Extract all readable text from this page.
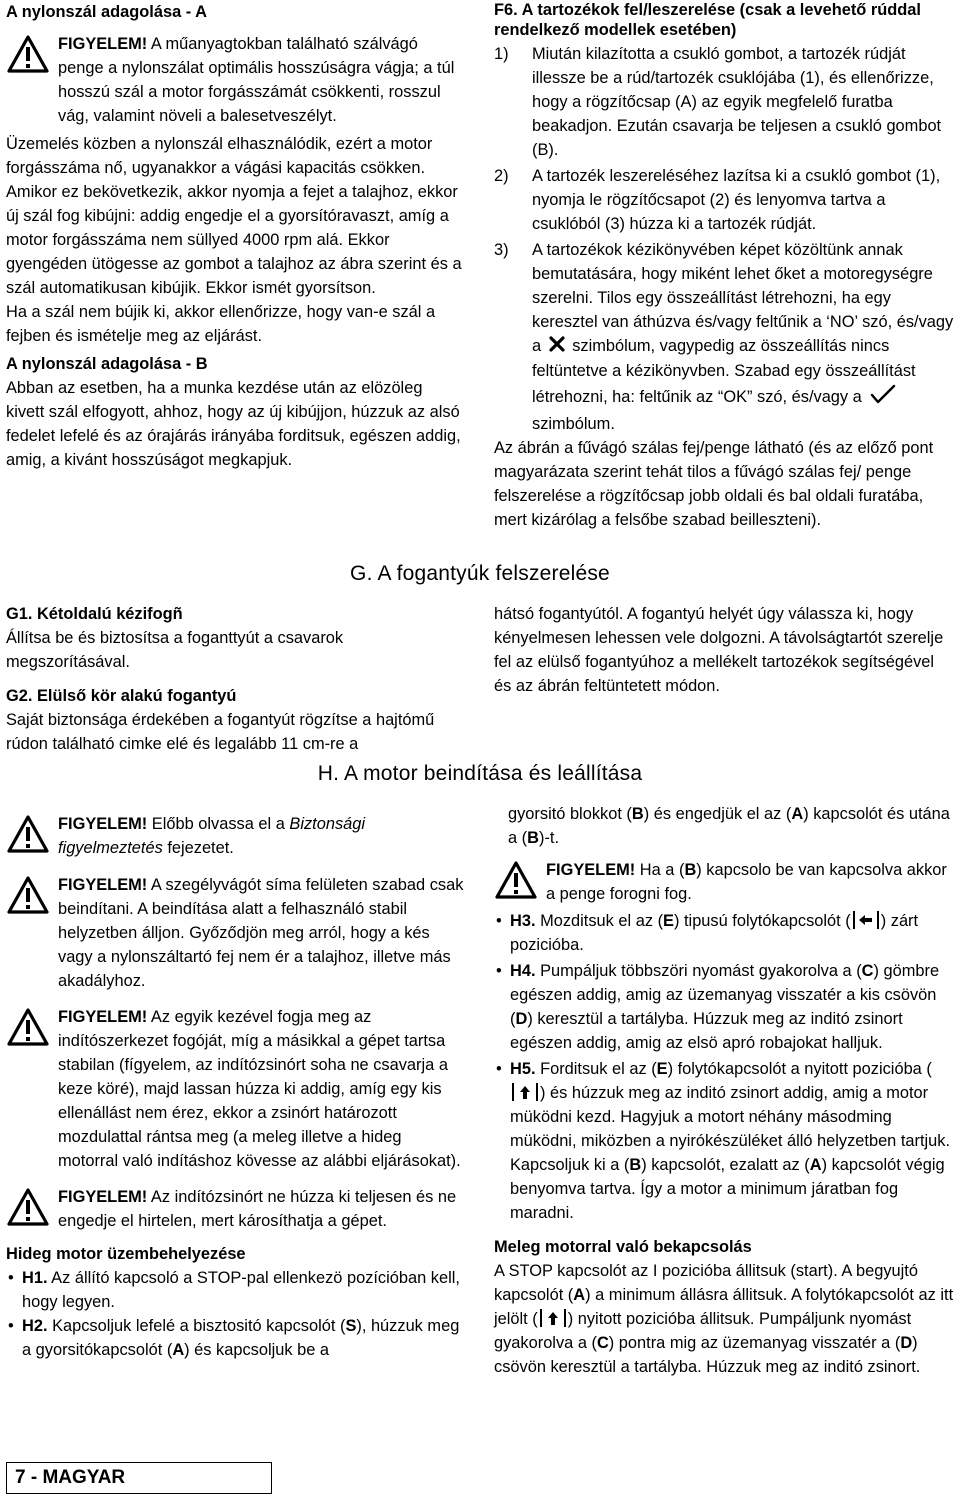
A nylonszál adagolása - A

FIGYELEM! A műanyagtokban található szálvágó penge a nylonszálat optimális hosszúságra vágja; a túl hosszú szál a motor forgásszámát csökkenti, rosszul vág, valamint növeli a balesetveszélyt.

Üzemelés közben a nylonszál elhasználódik, ezért a motor forgásszáma nő, ugyanakkor a vágási kapacitás csökken. Amikor ez bekövetkezik, akkor nyomja a fejet a talajhoz, ekkor új szál fog kibújni: addig engedje el a gyorsítóravaszt, amíg a motor forgásszáma nem süllyed 4000 rpm alá. Ekkor gyengéden ütögesse az gombot a talajhoz az ábra szerint és a szál automatikusan kibújik. Ekkor ismét gyorsítson.

Ha a szál nem bújik ki, akkor ellenőrizze, hogy van-e szál a fejben és ismételje meg az eljárást.

A nylonszál adagolása - B

Abban az esetben, ha a munka kezdése után az elözöleg kivett szál elfogyott, ahhoz, hogy az új kibújjon, húzzuk az alsó fedelet lefelé és az órajárás irányába forditsuk, egészen addig, amig, a kivánt hosszúságot megkapjuk.

F6. A tartozékok fel/leszerelése (csak a levehető rúddal rendelkező modellek esetében)
1) Miután kilazította a csukló gombot, a tartozék rúdját illessze be a rúd/tartozék csuklójába (1), és ellenőrizze, hogy a rögzítőcsap (A) az egyik megfelelő furatba beakadjon. Ezután csavarja be teljesen a csukló gombot (B).
2) A tartozék leszereléséhez lazítsa ki a csukló gombot (1), nyomja le rögzítőcsapot (2) és lenyomva tartva a csuklóból (3) húzza ki a tartozék rúdját.
3) A tartozékok kézikönyvében képet közöltünk annak bemutatására, hogy miként lehet őket a motoregységre szerelni. Tilos egy összeállítást létrehozni, ha egy keresztel van áthúzva és/vagy feltűnik a ‘NO’ szó, és/vagy a  szimbólum, vagypedig az összeállítás nincs feltüntetve a kézikönyvben. Szabad egy összeállítást létrehozni, ha: feltűnik az “OK” szó, és/vagy a  szimbólum.

Az ábrán a fűvágó szálas fej/penge látható (és az előző pont magyarázata szerint tehát tilos a fűvágó szálas fej/ penge felszerelése a rögzítőcsap jobb oldali és bal oldali furatába, mert kizárólag a felsőbe szabad beilleszteni).

G. A fogantyúk felszerelése
G1. Kétoldalú kézifogñ

Állítsa be és biztosítsa a foganttyút a csavarok megszorításával.

G2. Elülső kör alakú fogantyú

Saját biztonsága érdekében a fogantyút rögzítse a hajtómű rúdon található cimke elé és legalább 11 cm-re a

hátsó fogantyútól. A fogantyú helyét úgy válassza ki, hogy kényelmesen lehessen vele dolgozni. A távolságtartót szerelje fel az elülső fogantyúhoz a mellékelt tartozékok segítségével és az ábrán feltüntetett módon.

H. A motor beindítása és leállítása

FIGYELEM! Előbb olvassa el a Biztonsági figyelmeztetés fejezetet.

FIGYELEM! A szegélyvágót síma felületen szabad csak beindítani. A beindítása alatt a felhasználó stabil helyzetben álljon. Győződjön meg arról, hogy a kés vagy a nylonszáltartó fej nem ér a talajhoz, illetve más akadályhoz.

FIGYELEM! Az egyik kezével fogja meg az indítószerkezet fogóját, míg a másikkal a gépet tartsa stabilan (fígyelem, az indítózsinórt soha ne csavarja a keze köré), majd lassan húzza ki addig, amíg egy kis ellenállást nem érez, ekkor a zsinórt határozott mozdulattal rántsa meg (a meleg illetve a hideg motorral való indításhoz kövesse az alábbi eljárásokat).

FIGYELEM! Az indítózsinórt ne húzza ki teljesen és ne engedje el hirtelen, mert károsíthatja a gépet.

Hideg motor üzembehelyezése
• H1. Az állító kapcsoló a STOP-pal ellenkezö pozícióban kell, hogy legyen.
• H2. Kapcsoljuk lefelé a bisztositó kapcsolót (S), húzzuk meg a gyorsitókapcsolót (A) és kapcsoljuk be a

gyorsitó blokkot (B) és engedjük el az (A) kapcsolót és utána a (B)-t.

FIGYELEM! Ha a (B) kapcsolo be van kapcsolva akkor a penge forogni fog.

• H3. Mozditsuk el az (E) tipusú folytókapcsolót ( ) zárt pozicióba.
• H4. Pumpáljuk többszöri nyomást gyakorolva a (C) gömbre egészen addig, amig az üzemanyag visszatér a kis csövön (D) keresztül a tartályba. Húzzuk meg az inditó zsinort egészen addig, amig az elsö apró robajokat halljuk.
• H5. Forditsuk el az (E) folytókapcsolót a nyitott pozicióba (
) és húzzuk meg az inditó zsinort addig, amig a motor müködni kezd. Hagyjuk a motort néhány másodming müködni, miközben a nyirókészüléket álló helyzetben tartjuk. Kapcsoljuk ki a (B) kapcsolót, ezalatt az (A) kapcsolót végig benyomva tartva. Így a motor a minimum járatban fog maradni.
Meleg motorral való bekapcsolás

A STOP kapcsolót az I pozicióba állitsuk (start). A begyujtó kapcsolót (A) a minimum állásra állitsuk. A folytókapcsolót az itt jelölt ( ) nyitott pozicióba állitsuk. Pumpáljunk nyomást gyakorolva a (C) pontra mig az üzemanyag visszatér a (D) csövön keresztül a tartályba. Húzzuk meg az inditó zsinort.

7 - MAGYAR
